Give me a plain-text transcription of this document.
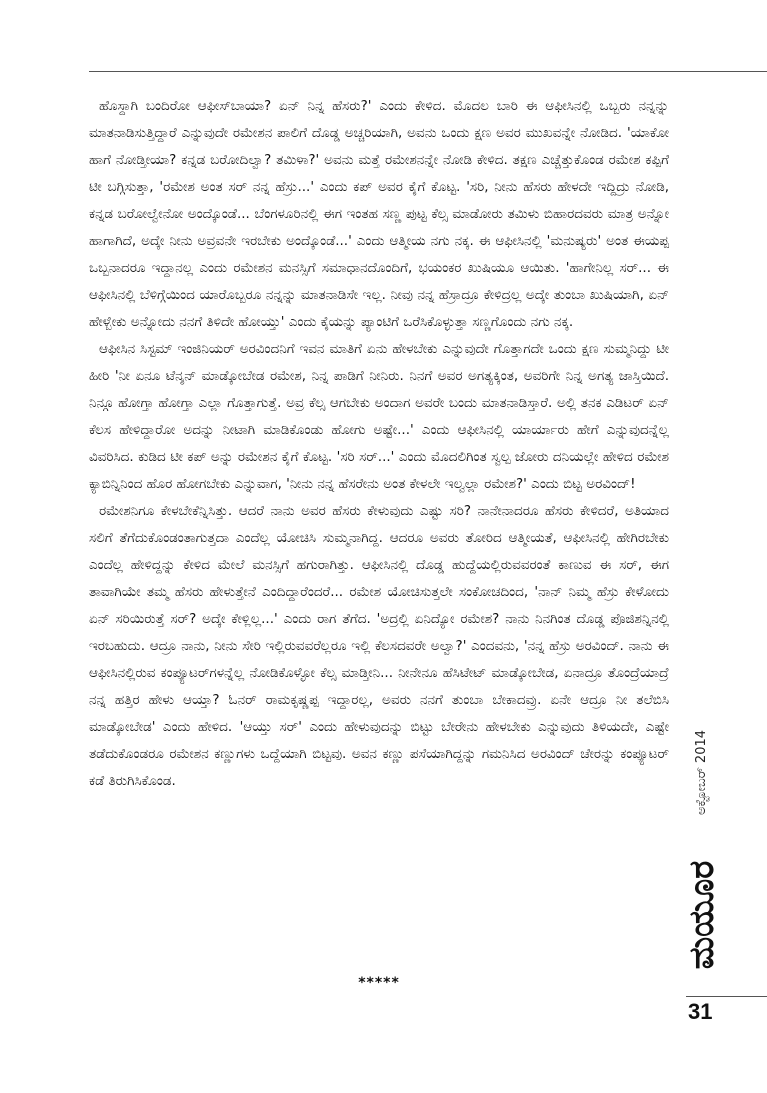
ಹೊಸ್ದಾಗಿ ಬಂದಿರೋ ಆಫೀಸ್‌ಬಾಯಾ? ಏನ್ ನಿನ್ನ ಹೆಸರು?' ಎಂದು ಕೇಳಿದ. ಮೊದಲ ಬಾರಿ ಈ ಆಫೀಸಿನಲ್ಲಿ ಒಬ್ಬರು ನನ್ನನ್ನು ಮಾತನಾಡಿಸುತ್ತಿದ್ದಾರೆ ಎನ್ನುವುದೇ ರಮೇಶನ ಪಾಲಿಗೆ ದೊಡ್ಡ ಅಚ್ಚರಿಯಾಗಿ, ಅವನು ಒಂದು ಕ್ಷಣ ಅವರ ಮುಖವನ್ನೇ ನೋಡಿದ. 'ಯಾಕೋ ಹಾಗೆ ನೋಡ್ತೀಯಾ? ಕನ್ನಡ ಬರೋದಿಲ್ವಾ? ತಮಿಳಾ?' ಅವನು ಮತ್ತೆ ರಮೇಶನನ್ನೇ ನೋಡಿ ಕೇಳಿದ. ತಕ್ಷಣ ಎಚ್ಚೆತ್ತುಕೊಂಡ ರಮೇಶ ಕಪ್ಪಿಗೆ ಟೀ ಬಗ್ಗಿಸುತ್ತಾ, 'ರಮೇಶ ಅಂತ ಸರ್ ನನ್ನ ಹೆಸ್ರು...' ಎಂದು ಕಪ್ ಅವರ ಕೈಗೆ ಕೊಟ್ಟ. 'ಸರಿ, ನೀನು ಹೆಸರು ಹೇಳದೇ ಇದ್ದಿದ್ರು ನೋಡಿ, ಕನ್ನಡ ಬರೋಲ್ವೇನೋ ಅಂದ್ಕೊಂಡೆ... ಬೆಂಗಳೂರಿನಲ್ಲಿ ಈಗ ಇಂತಹ ಸಣ್ಣ ಪುಟ್ಟ ಕೆಲ್ಸ ಮಾಡೋರು ತಮಿಳು ಬಿಹಾರದವರು ಮಾತ್ರ ಅನ್ನೋ ಹಾಗಾಗಿದೆ, ಅದ್ಕೇ ನೀನು ಅವ್ರವನೇ ಇರಬೇಕು ಅಂದ್ಕೊಂಡೆ...' ಎಂದು ಆತ್ಮೀಯ ನಗು ನಕ್ಕ. ಈ ಆಫೀಸಿನಲ್ಲಿ 'ಮನುಷ್ಯರು' ಅಂತ ಈಯಪ್ಪ ಒಬ್ಬನಾದರೂ ಇದ್ದಾನಲ್ಲ ಎಂದು ರಮೇಶನ ಮನಸ್ಸಿಗೆ ಸಮಾಧಾನದೊಂದಿಗೆ, ಭಯಂಕರ ಖುಷಿಯೂ ಆಯಿತು. 'ಹಾಗೇನಿಲ್ಲ ಸರ್... ಈ ಆಫೀಸಿನಲ್ಲಿ ಬೆಳಿಗ್ಗೆಯಿಂದ ಯಾರೊಬ್ಬರೂ ನನ್ನನ್ನು ಮಾತನಾಡಿಸೇ ಇಲ್ಲ. ನೀವು ನನ್ನ ಹೆಸ್ರಾದ್ರೂ ಕೇಳಿದ್ರಲ್ಲ ಅದ್ಕೇ ತುಂಬಾ ಖುಷಿಯಾಗಿ, ಏನ್ ಹೇಳ್ಬೇಕು ಅನ್ನೋದು ನನಗೆ ತಿಳಿದೇ ಹೋಯ್ತು' ಎಂದು ಕೈಯನ್ನು ಪ್ಯಾಂಟಿಗೆ ಒರೆಸಿಕೊಳ್ಳುತ್ತಾ ಸಣ್ಣಗೊಂದು ನಗು ನಕ್ಕ.

ಆಫೀಸಿನ ಸಿಸ್ಟಮ್ ಇಂಜಿನಿಯರ್ ಅರವಿಂದನಿಗೆ ಇವನ ಮಾತಿಗೆ ಏನು ಹೇಳಬೇಕು ಎನ್ನುವುದೇ ಗೊತ್ತಾಗದೇ ಒಂದು ಕ್ಷಣ ಸುಮ್ಮನಿದ್ದು ಟೀ ಹೀರಿ 'ನೀ ಏನೂ ಟೆನ್ಶನ್ ಮಾಡ್ಕೋಬೇಡ ರಮೇಶ, ನಿನ್ನ ಪಾಡಿಗೆ ನೀನಿರು. ನಿನಗೆ ಅವರ ಅಗತ್ಯಕ್ಕಿಂತ, ಅವರಿಗೇ ನಿನ್ನ ಅಗತ್ಯ ಜಾಸ್ತಿಯಿದೆ. ನಿನ್ಗೂ ಹೋಗ್ತಾ ಹೋಗ್ತಾ ಎಲ್ಲಾ ಗೊತ್ತಾಗುತ್ತೆ. ಅವ್ರ ಕೆಲ್ಸ ಆಗಬೇಕು ಅಂದಾಗ ಅವರೇ ಬಂದು ಮಾತನಾಡಿಸ್ತಾರೆ. ಅಲ್ಲಿ ತನಕ ಎಡಿಟರ್ ಏನ್ ಕೆಲಸ ಹೇಳಿದ್ದಾರೋ ಅದನ್ನು ನೀಟಾಗಿ ಮಾಡಿಕೊಂಡು ಹೋಗು ಅಷ್ಟೇ...' ಎಂದು ಆಫೀಸಿನಲ್ಲಿ ಯಾರ್ಯಾರು ಹೇಗೆ ಎನ್ನುವುದನ್ನೆಲ್ಲ ವಿವರಿಸಿದ. ಕುಡಿದ ಟೀ ಕಪ್ ಅನ್ನು ರಮೇಶನ ಕೈಗೆ ಕೊಟ್ಟ. 'ಸರಿ ಸರ್...' ಎಂದು ಮೊದಲಿಗಿಂತ ಸ್ವಲ್ಪ ಜೋರು ದನಿಯಲ್ಲೇ ಹೇಳಿದ ರಮೇಶ ಕ್ಯಾಬಿನ್ನಿನಿಂದ ಹೊರ ಹೋಗಬೇಕು ಎನ್ನುವಾಗ, 'ನೀನು ನನ್ನ ಹೆಸರೇನು ಅಂತ ಕೇಳಲೇ ಇಲ್ವಲ್ಲಾ ರಮೇಶ?' ಎಂದು ಬಿಟ್ಟ ಅರವಿಂದ್!

ರಮೇಶನಿಗೂ ಕೇಳಬೇಕೆನ್ನಿಸಿತ್ತು. ಆದರೆ ನಾನು ಅವರ ಹೆಸರು ಕೇಳುವುದು ಎಷ್ಟು ಸರಿ? ನಾನೇನಾದರೂ ಹೆಸರು ಕೇಳಿದರೆ, ಅತಿಯಾದ ಸಲಿಗೆ ತೆಗೆದುಕೊಂಡಂತಾಗುತ್ತದಾ ಎಂದೆಲ್ಲ ಯೋಚಿಸಿ ಸುಮ್ಮನಾಗಿದ್ದ. ಆದರೂ ಅವರು ತೋರಿದ ಆತ್ಮೀಯತೆ, ಆಫೀಸಿನಲ್ಲಿ ಹೇಗಿರಬೇಕು ಎಂದೆಲ್ಲ ಹೇಳಿದ್ದನ್ನು ಕೇಳಿದ ಮೇಲೆ ಮನಸ್ಸಿಗೆ ಹಗುರಾಗಿತ್ತು. ಆಫೀಸಿನಲ್ಲಿ ದೊಡ್ಡ ಹುದ್ದೆಯಲ್ಲಿರುವವರಂತೆ ಕಾಣುವ ಈ ಸರ್, ಈಗ ತಾವಾಗಿಯೇ ತಮ್ಮ ಹೆಸರು ಹೇಳುತ್ತೇನೆ ಎಂದಿದ್ದಾರೆಂದರೆ... ರಮೇಶ ಯೋಚಿಸುತ್ತಲೇ ಸಂಕೋಚದಿಂದ, 'ನಾನ್ ನಿಮ್ಮ ಹೆಸ್ರು ಕೇಳೋದು ಏನ್ ಸರಿಯಿರುತ್ತೆ ಸರ್? ಅದ್ಕೇ ಕೇಳ್ಲಿಲ್ಲ...' ಎಂದು ರಾಗ ತೆಗೆದ. 'ಅದ್ರಲ್ಲಿ ಏನಿದ್ಯೋ ರಮೇಶ? ನಾನು ನಿನಗಿಂತ ದೊಡ್ಡ ಪೊಜಿಶನ್ನಿನಲ್ಲಿ ಇರಬಹುದು. ಆದ್ರೂ ನಾನು, ನೀನು ಸೇರಿ ಇಲ್ಲಿರುವವರೆಲ್ಲರೂ ಇಲ್ಲಿ ಕೆಲಸದವರೇ ಅಲ್ವಾ?' ಎಂದವನು, 'ನನ್ನ ಹೆಸ್ರು ಅರವಿಂದ್. ನಾನು ಈ ಆಫೀಸಿನಲ್ಲಿರುವ ಕಂಪ್ಯೂಟರ್‌ಗಳನ್ನೆಲ್ಲ ನೋಡಿಕೊಳ್ಳೋ ಕೆಲ್ಸ ಮಾಡ್ತೀನಿ... ನೀನೇನೂ ಹೆಸಿಟೇಟ್ ಮಾಡ್ಕೋಬೇಡ, ಏನಾದ್ರೂ ತೊಂದ್ರೆಯಾದ್ರೆ ನನ್ನ ಹತ್ತಿರ ಹೇಳು ಆಯ್ತಾ? ಓನರ್ ರಾಮಕೃಷ್ಣಪ್ಪ ಇದ್ದಾರಲ್ಲ, ಅವರು ನನಗೆ ತುಂಬಾ ಬೇಕಾದವ್ರು. ಏನೇ ಆದ್ರೂ ನೀ ತಲೆಬಿಸಿ ಮಾಡ್ಕೋಬೇಡ' ಎಂದು ಹೇಳಿದ. 'ಆಯ್ತು ಸರ್' ಎಂದು ಹೇಳುವುದನ್ನು ಬಿಟ್ಟು ಬೇರೇನು ಹೇಳಬೇಕು ಎನ್ನುವುದು ತಿಳಿಯದೇ, ಎಷ್ಟೇ ತಡೆದುಕೊಂಡರೂ ರಮೇಶನ ಕಣ್ಣುಗಳು ಒದ್ದೆಯಾಗಿ ಬಿಟ್ಟವು. ಅವನ ಕಣ್ಣು ಪಸೆಯಾಗಿದ್ದನ್ನು ಗಮನಿಸಿದ ಅರವಿಂದ್ ಚೇರನ್ನು ಕಂಪ್ಯೂಟರ್ ಕಡೆ ತಿರುಗಿಸಿಕೊಂಡ.

*****
ಅಕ್ಟೋಬರ್ 2014
ಮಯೂರ
31
